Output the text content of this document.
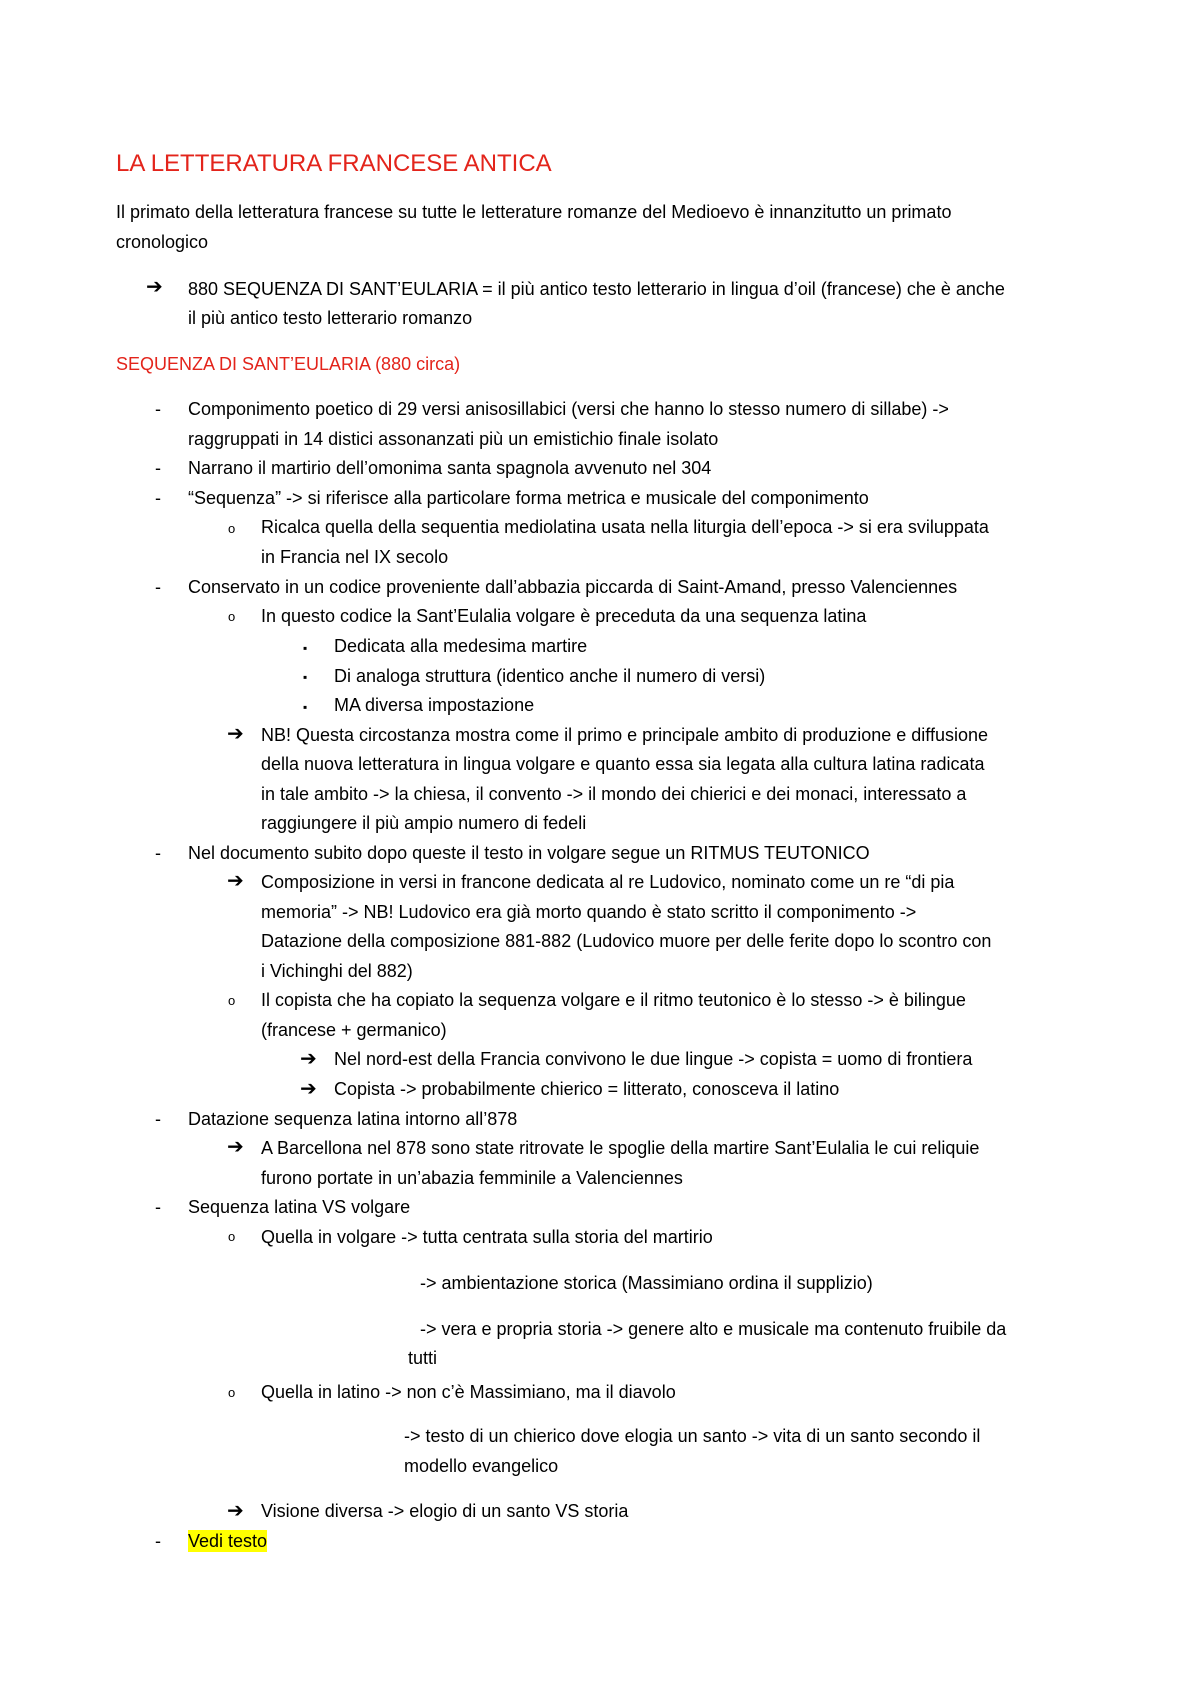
LA LETTERATURA FRANCESE ANTICA
Il primato della letteratura francese su tutte le letterature romanze del Medioevo è innanzitutto un primato
cronologico
➔ 880 SEQUENZA DI SANT’EULARIA = il più antico testo letterario in lingua d’oil (francese) che è anche
il più antico testo letterario romanzo
SEQUENZA DI SANT’EULARIA (880 circa)
-
-
-
-
-
-
-
-
o
o
o
o
o
▪
▪
▪
➔
➔
➔
➔
➔
➔
Componimento poetico di 29 versi anisosillabici (versi che hanno lo stesso numero di sillabe) ->
raggruppati in 14 distici assonanzati più un emistichio finale isolato
Narrano il martirio dell’omonima santa spagnola avvenuto nel 304
“Sequenza” -> si riferisce alla particolare forma metrica e musicale del componimento
Ricalca quella della sequentia mediolatina usata nella liturgia dell’epoca -> si era sviluppata
in Francia nel IX secolo
Conservato in un codice proveniente dall’abbazia piccarda di Saint-Amand, presso Valenciennes
In questo codice la Sant’Eulalia volgare è preceduta da una sequenza latina
Dedicata alla medesima martire
Di analoga struttura (identico anche il numero di versi)
MA diversa impostazione
NB! Questa circostanza mostra come il primo e principale ambito di produzione e diffusione
della nuova letteratura in lingua volgare e quanto essa sia legata alla cultura latina radicata
in tale ambito -> la chiesa, il convento -> il mondo dei chierici e dei monaci, interessato a
raggiungere il più ampio numero di fedeli
Nel documento subito dopo queste il testo in volgare segue un RITMUS TEUTONICO
Composizione in versi in francone dedicata al re Ludovico, nominato come un re “di pia
memoria” -> NB! Ludovico era già morto quando è stato scritto il componimento ->
Datazione della composizione 881-882 (Ludovico muore per delle ferite dopo lo scontro con
i Vichinghi del 882)
Il copista che ha copiato la sequenza volgare e il ritmo teutonico è lo stesso -> è bilingue
(francese + germanico)
Nel nord-est della Francia convivono le due lingue -> copista = uomo di frontiera
Copista -> probabilmente chierico = litterato, conosceva il latino
Datazione sequenza latina intorno all’878
A Barcellona nel 878 sono state ritrovate le spoglie della martire Sant’Eulalia le cui reliquie
furono portate in un’abazia femminile a Valenciennes
Sequenza latina VS volgare
Quella in volgare -> tutta centrata sulla storia del martirio
-> ambientazione storica (Massimiano ordina il supplizio)
-> vera e propria storia -> genere alto e musicale ma contenuto fruibile da
tutti
Quella in latino -> non c’è Massimiano, ma il diavolo
-> testo di un chierico dove elogia un santo -> vita di un santo secondo il
modello evangelico
Visione diversa -> elogio di un santo VS storia
Vedi testo
